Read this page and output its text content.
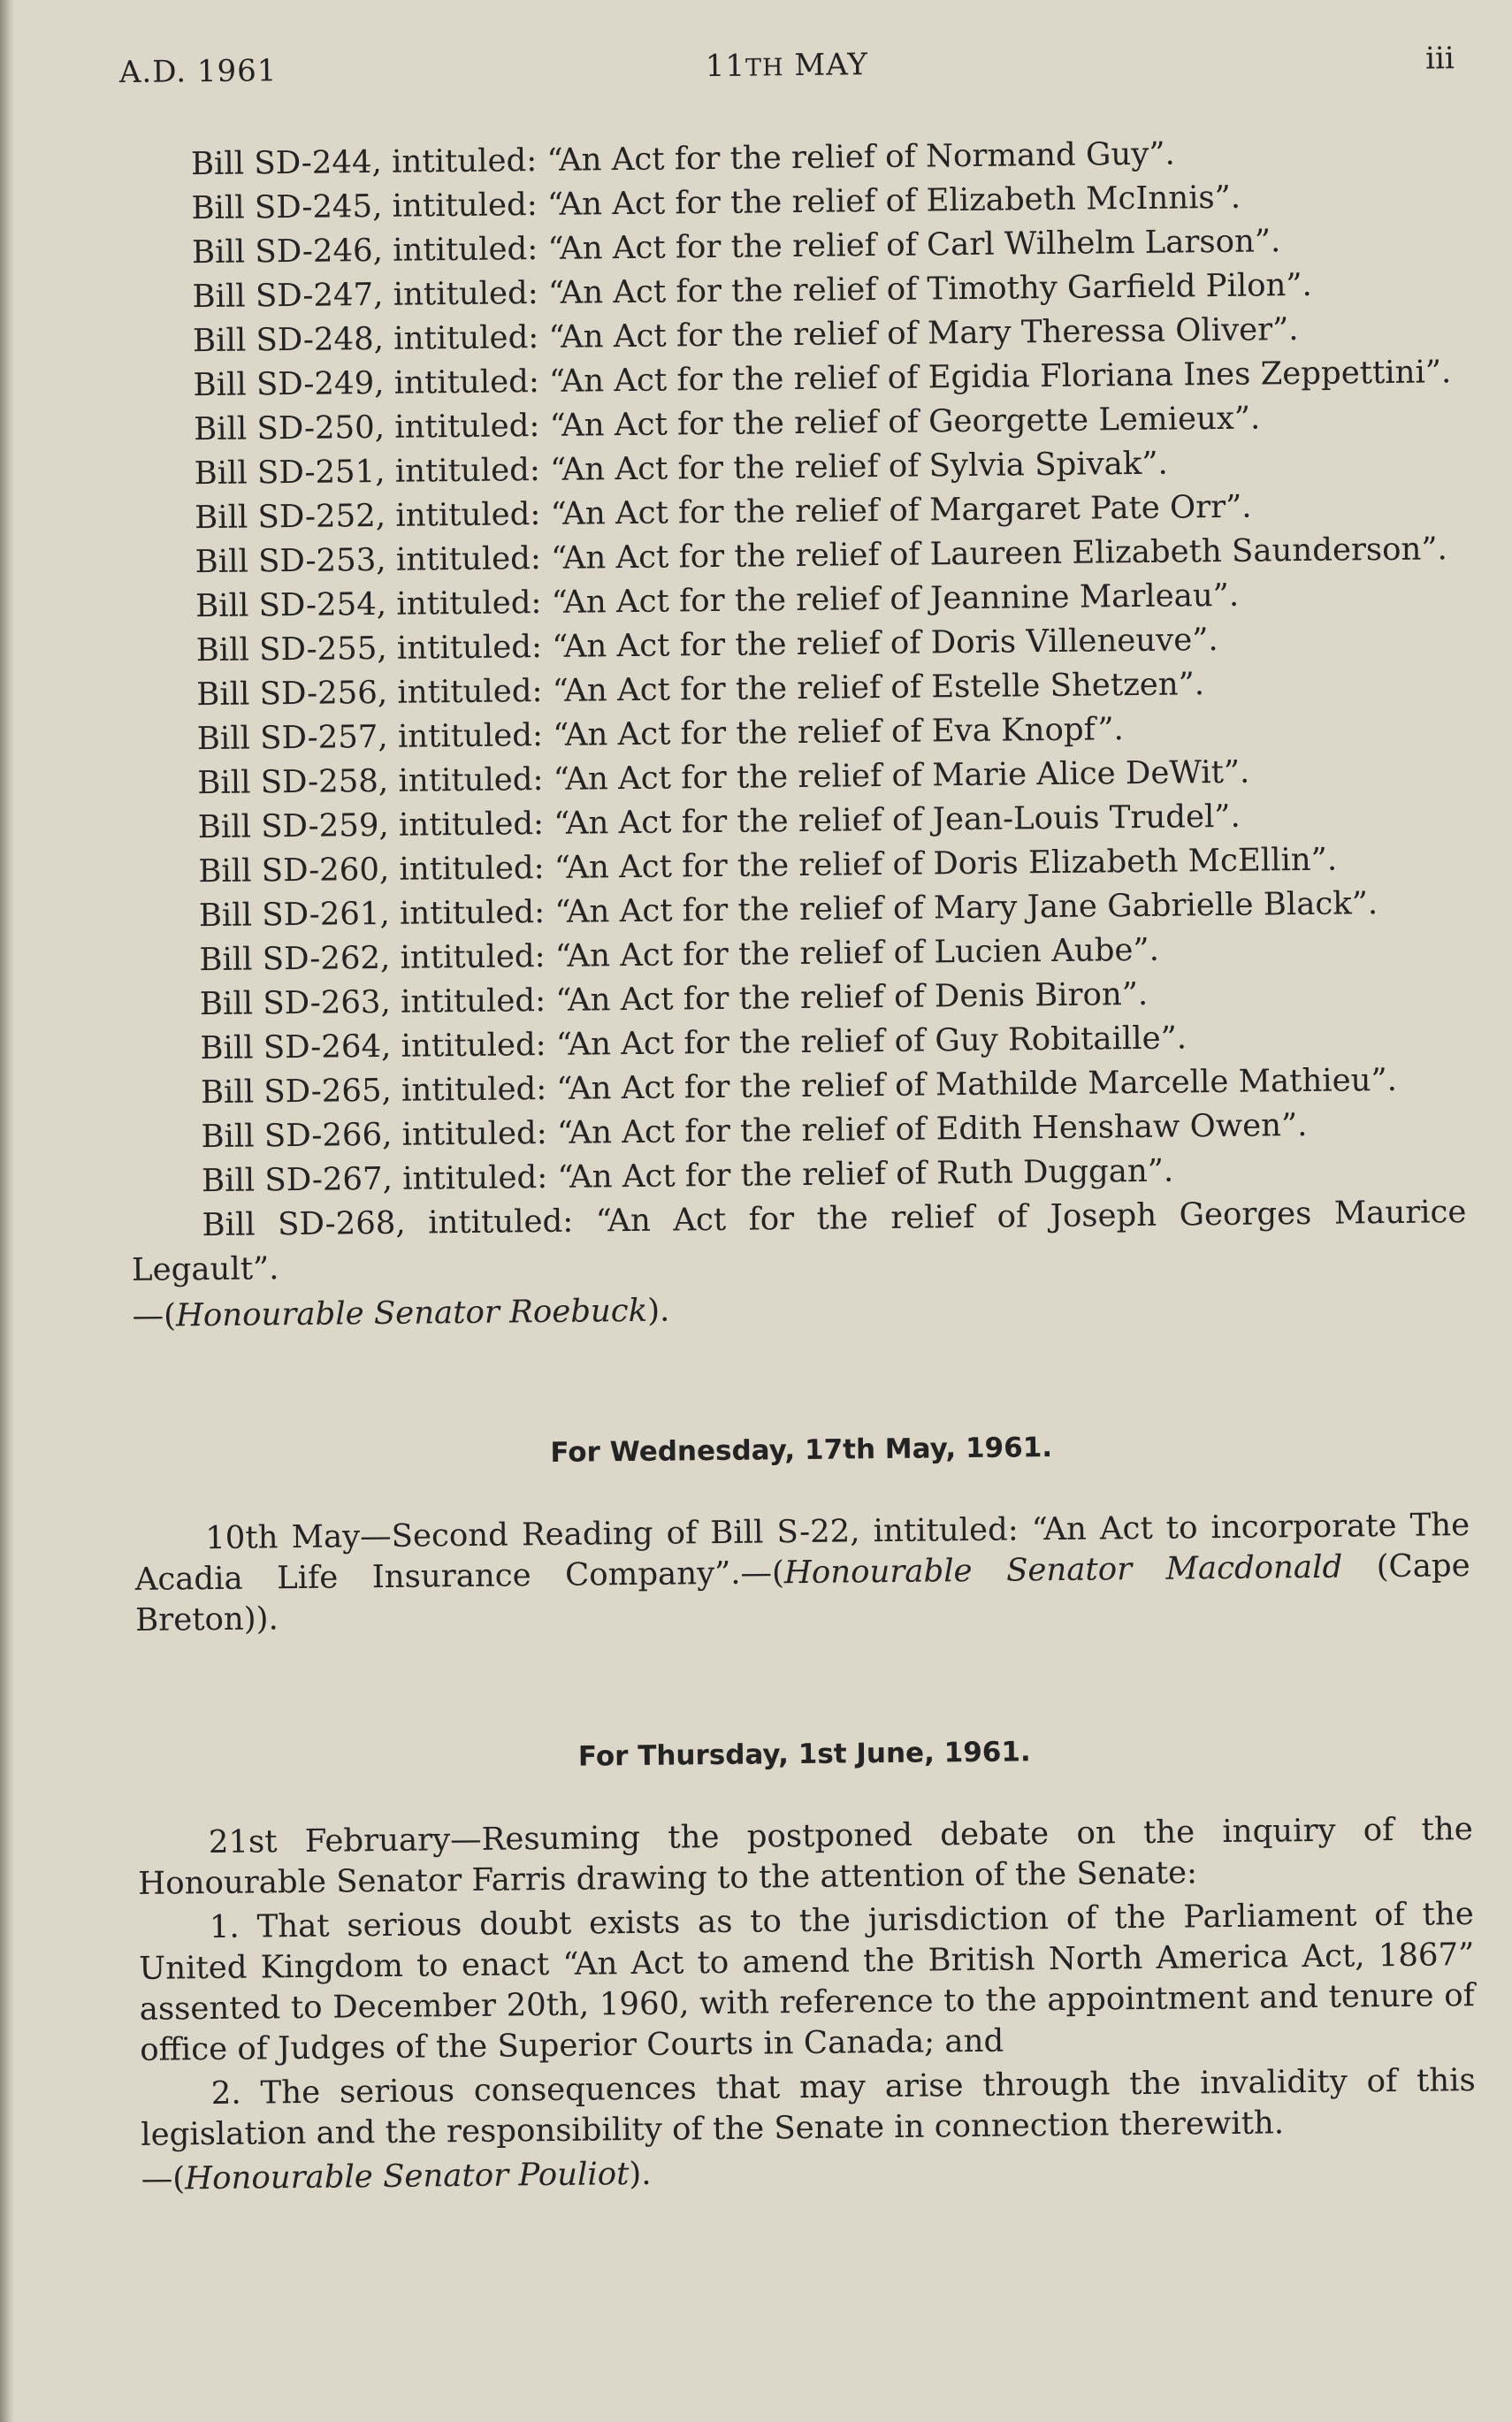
A.D. 1961	11TH MAY	iii

Bill SD-244, intituled: “An Act for the relief of Normand Guy”.

Bill SD-245, intituled: “An Act for the relief of Elizabeth McInnis”.

Bill SD-246, intituled: “An Act for the relief of Carl Wilhelm Larson”.

Bill SD-247, intituled: “An Act for the relief of Timothy Garfield Pilon”.

Bill SD-248, intituled: “An Act for the relief of Mary Theressa Oliver”.

Bill SD-249, intituled: “An Act for the relief of Egidia Floriana Ines Zeppettini”.

Bill SD-250, intituled: “An Act for the relief of Georgette Lemieux”.

Bill SD-251, intituled: “An Act for the relief of Sylvia Spivak”.

Bill SD-252, intituled: “An Act for the relief of Margaret Pate Orr”.

Bill SD-253, intituled: “An Act for the relief of Laureen Elizabeth Saunderson”.

Bill SD-254, intituled: “An Act for the relief of Jeannine Marleau”.

Bill SD-255, intituled: “An Act for the relief of Doris Villeneuve”.

Bill SD-256, intituled: “An Act for the relief of Estelle Shetzen”.

Bill SD-257, intituled: “An Act for the relief of Eva Knopf”.

Bill SD-258, intituled: “An Act for the relief of Marie Alice DeWit”.

Bill SD-259, intituled: “An Act for the relief of Jean-Louis Trudel”.

Bill SD-260, intituled: “An Act for the relief of Doris Elizabeth McEllin”.

Bill SD-261, intituled: “An Act for the relief of Mary Jane Gabrielle Black”.

Bill SD-262, intituled: “An Act for the relief of Lucien Aube”.

Bill SD-263, intituled: “An Act for the relief of Denis Biron”.

Bill SD-264, intituled: “An Act for the relief of Guy Robitaille”.

Bill SD-265, intituled: “An Act for the relief of Mathilde Marcelle Mathieu”.

Bill SD-266, intituled: “An Act for the relief of Edith Henshaw Owen”.

Bill SD-267, intituled: “An Act for the relief of Ruth Duggan”.

Bill SD-268, intituled: “An Act for the relief of Joseph Georges Maurice Legault”.

—(Honourable Senator Roebuck).

For Wednesday, 17th May, 1961.

10th May—Second Reading of Bill S-22, intituled: “An Act to incorporate The Acadia Life Insurance Company”.—(Honourable Senator Macdonald (Cape Breton)).

For Thursday, 1st June, 1961.

21st February—Resuming the postponed debate on the inquiry of the Honourable Senator Farris drawing to the attention of the Senate:

1. That serious doubt exists as to the jurisdiction of the Parliament of the United Kingdom to enact “An Act to amend the British North America Act, 1867” assented to December 20th, 1960, with reference to the appointment and tenure of office of Judges of the Superior Courts in Canada; and

2. The serious consequences that may arise through the invalidity of this legislation and the responsibility of the Senate in connection therewith.

—(Honourable Senator Pouliot).
